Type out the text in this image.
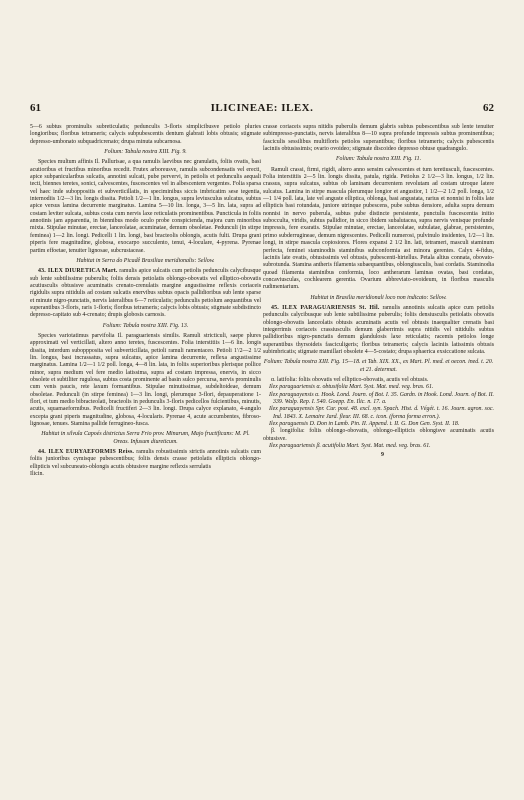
61	ILICINEAE: ILEX.	62

5—6 subtus prominulis subreticulatis; pedunculis 3-floris simplicibusve petiolo pluries longioribus; floribus tetrameris; calycis subpubescentis dentum glabrati lobis obtusis; stigmate depresso-umbonato subquadricrenato; drupa minuta subcarnosa.

Folium: Tabula nostra XIII. Fig. 9.

Species multum affinis Il. Pallurisae, a qua ramulis laevibus nec granulatis, foliis ovatis, basi acutioribus et fructibus minoribus recedit. Frutex arboreusve, ramulis subcondensatis vel erecti, apice subpanicularibus sulcatis, annotini sulcati, pube pervervi, in petiolis et pedunculis aequali tecti, biennes teretes, sonici, calvescentes, fuscescentes vel in albescentem vergentes. Folia sparsa vel haec inde suboppositis et subverticillatis, in speciminibus siccis imbricatim sese tegentia, internodiis 1/2—3 lin. longis dissita. Petioli 1/2—1 lin. longus, supra leviusculus sulcatus, subtus apice versus lamina decurrente marginatus. Lamina 5—10 lin. longa, 3—5 lin. lata, supra ad costam leviter sulcata, subtus costa cum nervis laxe reticulatis prominentibus. Puncticula in foliis annotinis jam apparentia, in biennibus modo oculo probe conspicienda, majora cum minoribus mixta. Stipulae minutae, erectae, lanceolatae, acuminatae, demum obsoletae. Pedunculi (in stirpe feminea) 1—2 lin. longi. Pedicelli 1 lin. longi, basi bracteolis oblongis, acutis fulti. Drupa grani piperis fere magnitudine, globosa, exocarpo succulento, tenui, 4-loculare, 4-pyrena. Pyrenae partim effoetae, tenuiter lignosae, subcrustaceae.

Habitat in Serra do Picadê Brasiliae meridionalis: Sellow.

43. ILEX DIURETICA Mart. ramulis apice sulcatis cum petiolis pedunculis calycibusque sub lente subtilissime puberulis; foliis densis petiolatis oblongo-obovatis vel elliptico-obovatis acutiusculis obtusisve acuminatis crenato-crenulatis margine angustissime reflexis coriaceis rigidulis supra nitidulis ad costam sulcatis enervibus subtus opacis pallidioribus sub lente sparse et minute nigro-punctatis, nervis lateralibus 6—7 reticulatis; pedunculis petiolum aequantibus vel superantibus 3-floris, raris 1-floris; floribus tetrameris; calycis lobis obtusis; stigmate subdistincto depresso-capitato sub 4-crenato; drupis globosis carnosis.

Folium: Tabula nostra XIII. Fig. 13.

Species variotatimus parvifolia Il. paraguariensis similis. Ramuli stricticuli, saepe plures approximati vel verticillati, altero anno teretes, fuscescentes. Folia interstitiis 1—6 lin. longis dissita, interdum suboppposita vel subverticillata, petioli ramuli ramentaceo. Petioli 1'/2—2 1/2 lin. longus, basi incrassatus, supra sulcatus, apice lamina decurrente, reflexa angustissime marginatus. Lamina 1/2—1 1/2 poll. longa, 4—8 lin. lata, in foliis superioribus plerisque pollice minor, supra medium vel fere medio latissima, supra ad costam impressa, enervis, in sicco obsolete et subtiliter rugulosa, subtus costa prominente ad basin sulco percursa, nervis prominulis cum venis paucis, rete laxum formantibus. Stipulae minutissimae, subdeltoideae, demum obsoletae. Pedunculi (in stirpe feminea) 1—3 lin. longi, plerumque 3-flori, depauperatione 1-flori, et tum medio bibracteolati, bracteolis in pedunculis 3-floris pedicellos fulcientibus, minutis, acutis, squamaeformibus. Pedicelli fructiferi 2—3 lin. longi. Drupa calyce explanato, 4-angulo excepta grani piperis magnitudine, globosa, 4-locularis. Pyrenae 4, acute accumbentes, fibroso-lignosae, tenues. Stamina pallide ferrugineo-fusca.

Habitat in silvula Capoés districtus Serra Frio prov. Minarum, Majo fructificans: M. Pl. Oreas. Infusum diureticum.

44. ILEX EURYAEFORMIS Reiss. ramulis robustissimis strictis annotinis sulcatis cum foliis junioribus cymisque pubescentibus; foliis densis crasse petiolatis ellipticis oblongo-ellipticis vel subcuneato-oblongis acutis obtusisve margine reflexis serrulatis

Ilicin.

crasse coriaceis supra nitidis puberulis demum glabris subtus pubescentibus sub lente tenuiter subimpresso-punctatis, nervis lateralibus 8—10 supra profunde impressis subtus prominentibus; fasciculis sessilibus multifloris petiolos superantibus; floribus tetrameris; calycis pubescentis laciniis obtusissimis; ovario ovoideo; stigmate discoideo depresso obtuse quadrangulo.

Folium: Tabula nostra XIII. Fig. 11.

Ramuli crassi, firmi, rigidi, altero anno sensim calvescentes et tum teretiusculi, fuscescentes. Folia interstitiis 2—5 lin. longis dissita, patula, rigida. Petiolus 2 1/2—3 lin. longus, 1/2 lin. crassus, supra sulcatus, subtus ob laminam decurrentem revolutam ad costam utroque latere sulcatus. Lamina in stirpe mascula plerumque longior et angustior, 1 1/2—2 1/2 poll. longa, 1/2—1 1/4 poll. lata, late vel anguste elliptica, oblonga, basi angustata, rarius et nonnisi in foliis late ellipticis basi rotundata, juniore utrinque pubescens, pube subtus densiore, adulta supra demum nonnisi in nervo puberula, subtus pube distincte persistente, punctulis fuscescentia initio subocculta, viridis, subtus pallidior, in sicco ibidem subalutacea, supra nervis venisque profunde impressis, fere exaratis. Stipulae minutae, erectae, lanceolatae, subulatae, glabrae, persistentes, primo subderrugineae, demum nigrescentes. Pedicelli numerosi, pulvinulo insidentes, 1/2—1 lin. longi, in stirpe mascula copiosiores. Flores expansi 2 1/2 lin. lati, tetrameri, masculi staminum perfecta, feminei staminodiis staminibus subconformia ast minora gerentes. Calyx 4-fidus, laciniis late ovatis, obtusissimis vel obtusis, pubescenti-hirtellus. Petala altius connata, obovato-subrotunda. Stamina antheris filamenta subaequantibus, oblongiusculis, basi cordatis. Staminodia quoad filamenta staminibus conformia, loco antherarum laminas ovatas, basi cordatas, concaviusculas, cochlearem gerentia. Ovarium abbreviato-ovoideum, in floribus masculis rudimentarium.

Habitat in Brasilia meridionali loco non indicato: Sellow.

45. ILEX PARAGUARIENSIS St. Hil. ramulis annotinis sulcatis apice cum petiolis pedunculis calycibusque sub lente subtilissime puberulis; foliis densiusculis petiolatis obovatis oblongo-obovatis lanceolatis obtusis acuminatis acutis vel obtusis inaequaliter crenatis basi integerrimis coriaceis crassiusculis demum glaberrimis supra nitidis vel nitidulis subtus pallidioribus nigro-punctatis demum glandulosis laxe reticulatis; racemis petiolos longe superantibus thyrsoideis fasciculigeris; floribus tetrameris; calycis laciniis latissimis obtusis subimbricatis; stigmate mamillari obsolete 4—5-costato; drupa sphaerica exsiccatione sulcata.

Folium: Tabula nostra XIII. Fig. 15—18. et Tab. XIX. XX., ex Mart. Pl. med. et oecon. ined. t. 20. et 21. determat.

α. latifolia: foliis obovatis vel elliptico-obovatis, acutis vel obtusis.

Ilex paraguariensis α. obtusifolia Mart. Syst. Mat. med. veg. bras. 61.

Ilex paraguayensis α. Hook. Lond. Journ. of Bot. I. 35. Gardn. in Hook. Lond. Journ. of Bot. II. 339. Walp. Rep. I. 540. Goepp. En. Ilic. n. 17. a.

Ilex paraguayensis Spr. Cur. post. 48. excl. syn. Spach. Hist. d. Végét. t. 16. Journ. agron. soc. Ind. 1843. X. Lemaire Jard. fleur. III. 68. c. icon. (forma forma erron.).

Ilex paraguensis D. Don in Lamb. Pin. II. Append. t. II. G. Don Gen. Syst. II. 18.

β. longifolia: foliis oblongo-obovatis, oblongo-ellipticis oblongisve acuminatis acutis obtusisve.

Ilex paraguariensis β. acutifolia Mart. Syst. Mat. med. veg. bras. 61.

9
